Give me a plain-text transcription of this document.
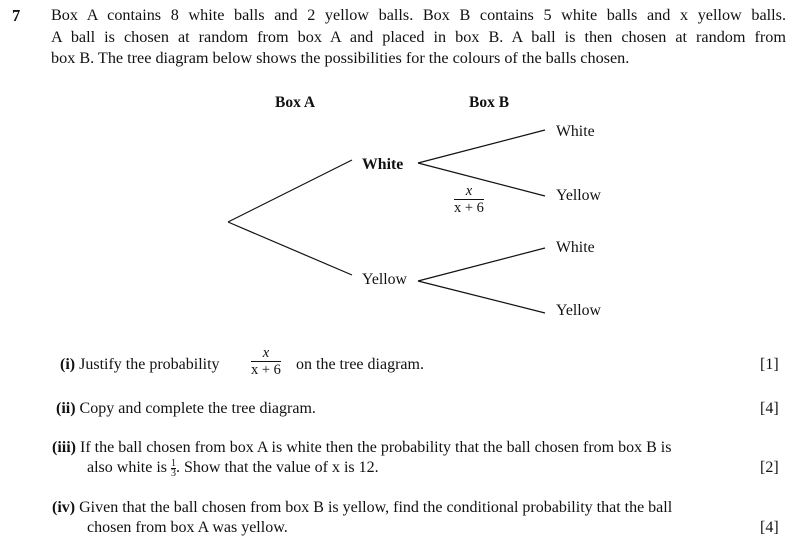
7 Box A contains 8 white balls and 2 yellow balls. Box B contains 5 white balls and x yellow balls.
A ball is chosen at random from box A and placed in box B. A ball is then chosen at random from
box B. The tree diagram below shows the possibilities for the colours of the balls chosen.
Box A	Box B
White
Yellow
White
Yellow
White
Yellow
x
x + 6
(i) Justify the probability
x
x + 6 on the tree diagram.	[1]
(ii) Copy and complete the tree diagram.	[4]
(iii) If the ball chosen from box A is white then the probability that the ball chosen from box B is
also white is $\frac{1}{3}$. Show that the value of x is 12.	[2]
(iv) Given that the ball chosen from box B is yellow, find the conditional probability that the ball
chosen from box A was yellow.	[4]
